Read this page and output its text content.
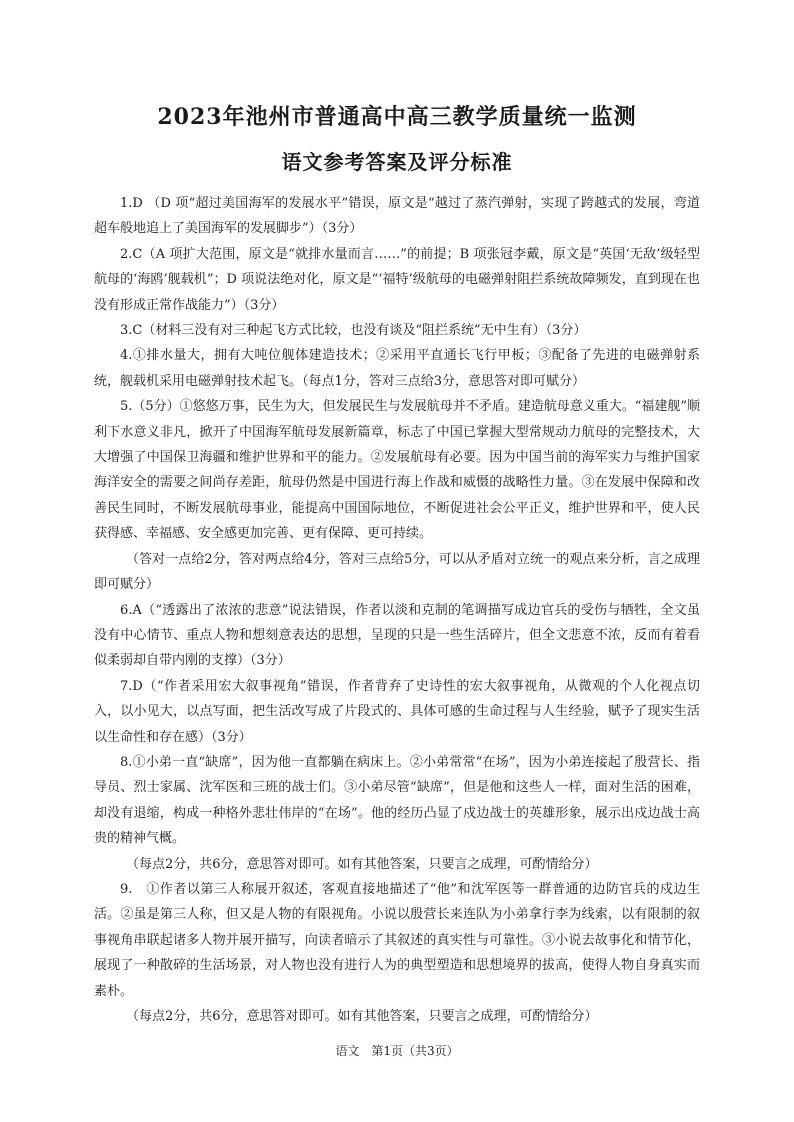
2023年池州市普通高中高三教学质量统一监测
语文参考答案及评分标准

1.D （D 项“超过美国海军的发展水平”错误，原文是“越过了蒸汽弹射，实现了跨越式的发展，弯道超车般地追上了美国海军的发展脚步”）（3分）

2.C（A 项扩大范围，原文是“就排水量而言……”的前提；B 项张冠李戴，原文是“英国‘无敌’级轻型航母的‘海鸥’舰载机”；D 项说法绝对化，原文是“‘福特’级航母的电磁弹射阻拦系统故障频发，直到现在也没有形成正常作战能力”）（3分）

3.C（材料三没有对三种起飞方式比较，也没有谈及“阻拦系统”无中生有）（3分）

4.①排水量大，拥有大吨位舰体建造技术；②采用平直通长飞行甲板；③配备了先进的电磁弹射系统，舰载机采用电磁弹射技术起飞。（每点1分，答对三点给3分，意思答对即可赋分）

5.（5分）①悠悠万事，民生为大，但发展民生与发展航母并不矛盾。建造航母意义重大。“福建舰”顺利下水意义非凡，掀开了中国海军航母发展新篇章，标志了中国已掌握大型常规动力航母的完整技术，大大增强了中国保卫海疆和维护世界和平的能力。②发展航母有必要。因为中国当前的海军实力与维护国家海洋安全的需要之间尚存差距，航母仍然是中国进行海上作战和威慑的战略性力量。③在发展中保障和改善民生同时，不断发展航母事业，能提高中国国际地位，不断促进社会公平正义，维护世界和平，使人民获得感、幸福感、安全感更加完善、更有保障、更可持续。

（答对一点给2分，答对两点给4分，答对三点给5分，可以从矛盾对立统一的观点来分析，言之成理即可赋分）

6.A（“透露出了浓浓的悲意”说法错误，作者以淡和克制的笔调描写成边官兵的受伤与牺牲，全文虽没有中心情节、重点人物和想刻意表达的思想，呈现的只是一些生活碎片，但全文悲意不浓，反而有着看似柔弱却自带内刚的支撑）（3分）

7.D（“作者采用宏大叙事视角”错误，作者背弃了史诗性的宏大叙事视角，从微观的个人化视点切入，以小见大，以点写面，把生活改写成了片段式的、具体可感的生命过程与人生经验，赋予了现实生活以生命性和存在感）（3分）

8.①小弟一直“缺席”，因为他一直都躺在病床上。②小弟常常“在场”，因为小弟连接起了殷营长、指导员、烈士家属、沈军医和三班的战士们。③小弟尽管“缺席”，但是他和这些人一样，面对生活的困难，却没有退缩，构成一种格外悲壮伟岸的“在场”。他的经历凸显了戍边战士的英雄形象，展示出戍边战士高贵的精神气概。

（每点2分，共6分，意思答对即可。如有其他答案，只要言之成理，可酌情给分）

9.　①作者以第三人称展开叙述，客观直接地描述了“他”和沈军医等一群普通的边防官兵的戍边生活。②虽是第三人称，但又是人物的有限视角。小说以殷营长来连队为小弟拿行李为线索，以有限制的叙事视角串联起诸多人物并展开描写，向读者暗示了其叙述的真实性与可靠性。③小说去故事化和情节化，展现了一种散碎的生活场景，对人物也没有进行人为的典型塑造和思想境界的拔高，使得人物自身真实而素朴。

（每点2分，共6分，意思答对即可。如有其他答案，只要言之成理，可酌情给分）

语文　第1页（共3页）
